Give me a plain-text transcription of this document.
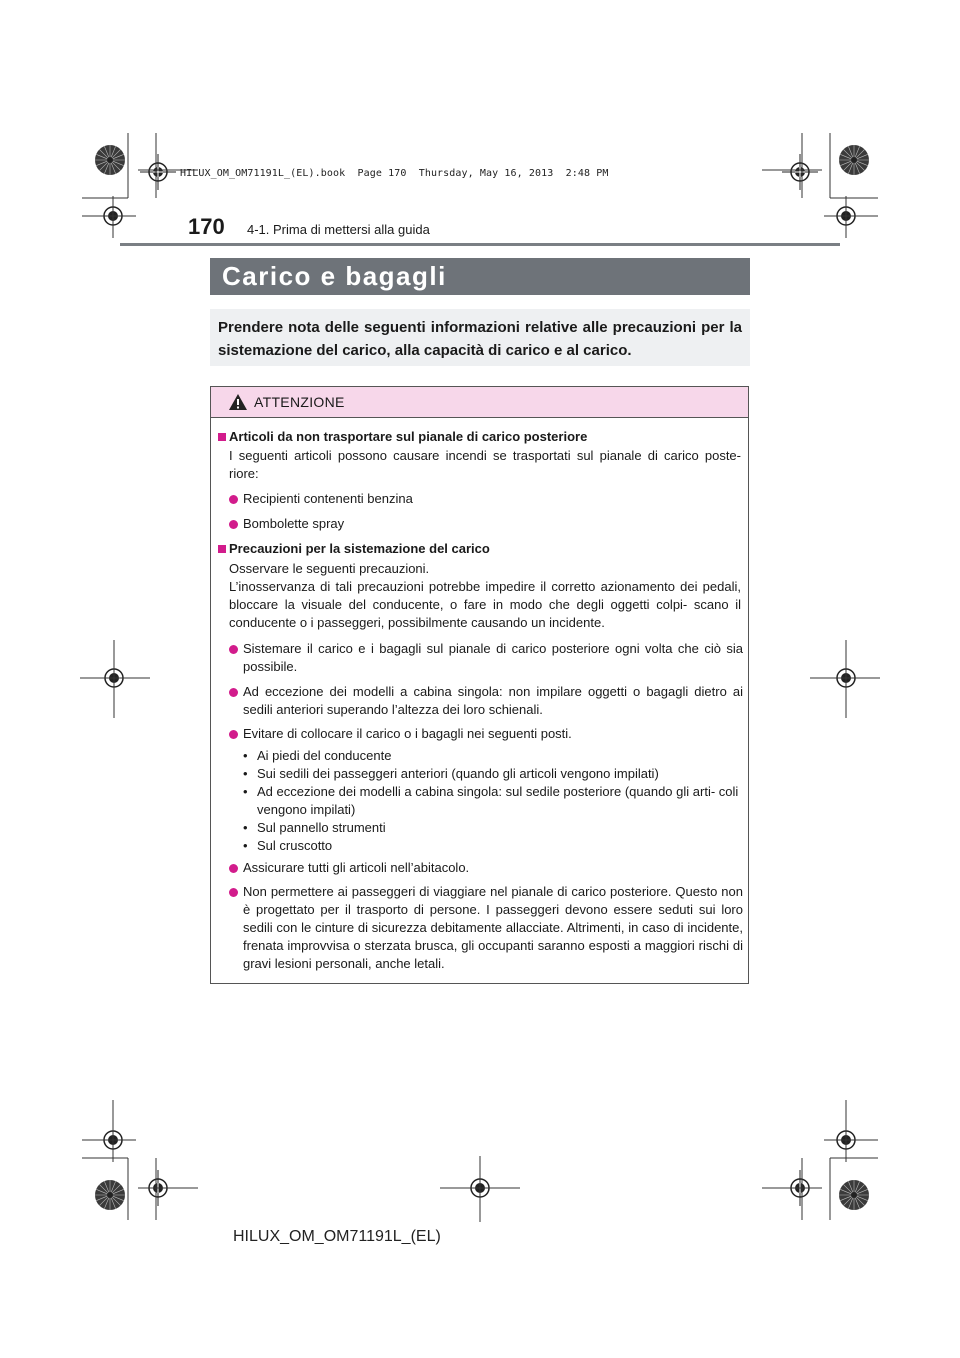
HILUX_OM_OM71191L_(EL).book  Page 170  Thursday, May 16, 2013  2:48 PM
170 4-1. Prima di mettersi alla guida
Carico e bagagli
Prendere nota delle seguenti informazioni relative alle precauzioni per la sistemazione del carico, alla capacità di carico e al carico.
ATTENZIONE
Articoli da non trasportare sul pianale di carico posteriore
I seguenti articoli possono causare incendi se trasportati sul pianale di carico poste- riore:
Recipienti contenenti benzina
Bombolette spray
Precauzioni per la sistemazione del carico
Osservare le seguenti precauzioni.
L’inosservanza di tali precauzioni potrebbe impedire il corretto azionamento dei pedali, bloccare la visuale del conducente, o fare in modo che degli oggetti colpi- scano il conducente o i passeggeri, possibilmente causando un incidente.
Sistemare il carico e i bagagli sul pianale di carico posteriore ogni volta che ciò sia possibile.
Ad eccezione dei modelli a cabina singola: non impilare oggetti o bagagli dietro ai sedili anteriori superando l’altezza dei loro schienali.
Evitare di collocare il carico o i bagagli nei seguenti posti.
• Ai piedi del conducente
• Sui sedili dei passeggeri anteriori (quando gli articoli vengono impilati)
• Ad eccezione dei modelli a cabina singola: sul sedile posteriore (quando gli arti- coli vengono impilati)
• Sul pannello strumenti
• Sul cruscotto
Assicurare tutti gli articoli nell’abitacolo.
Non permettere ai passeggeri di viaggiare nel pianale di carico posteriore. Questo non è progettato per il trasporto di persone. I passeggeri devono essere seduti sui loro sedili con le cinture di sicurezza debitamente allacciate. Altrimenti, in caso di incidente, frenata improvvisa o sterzata brusca, gli occupanti saranno esposti a maggiori rischi di gravi lesioni personali, anche letali.
HILUX_OM_OM71191L_(EL)
